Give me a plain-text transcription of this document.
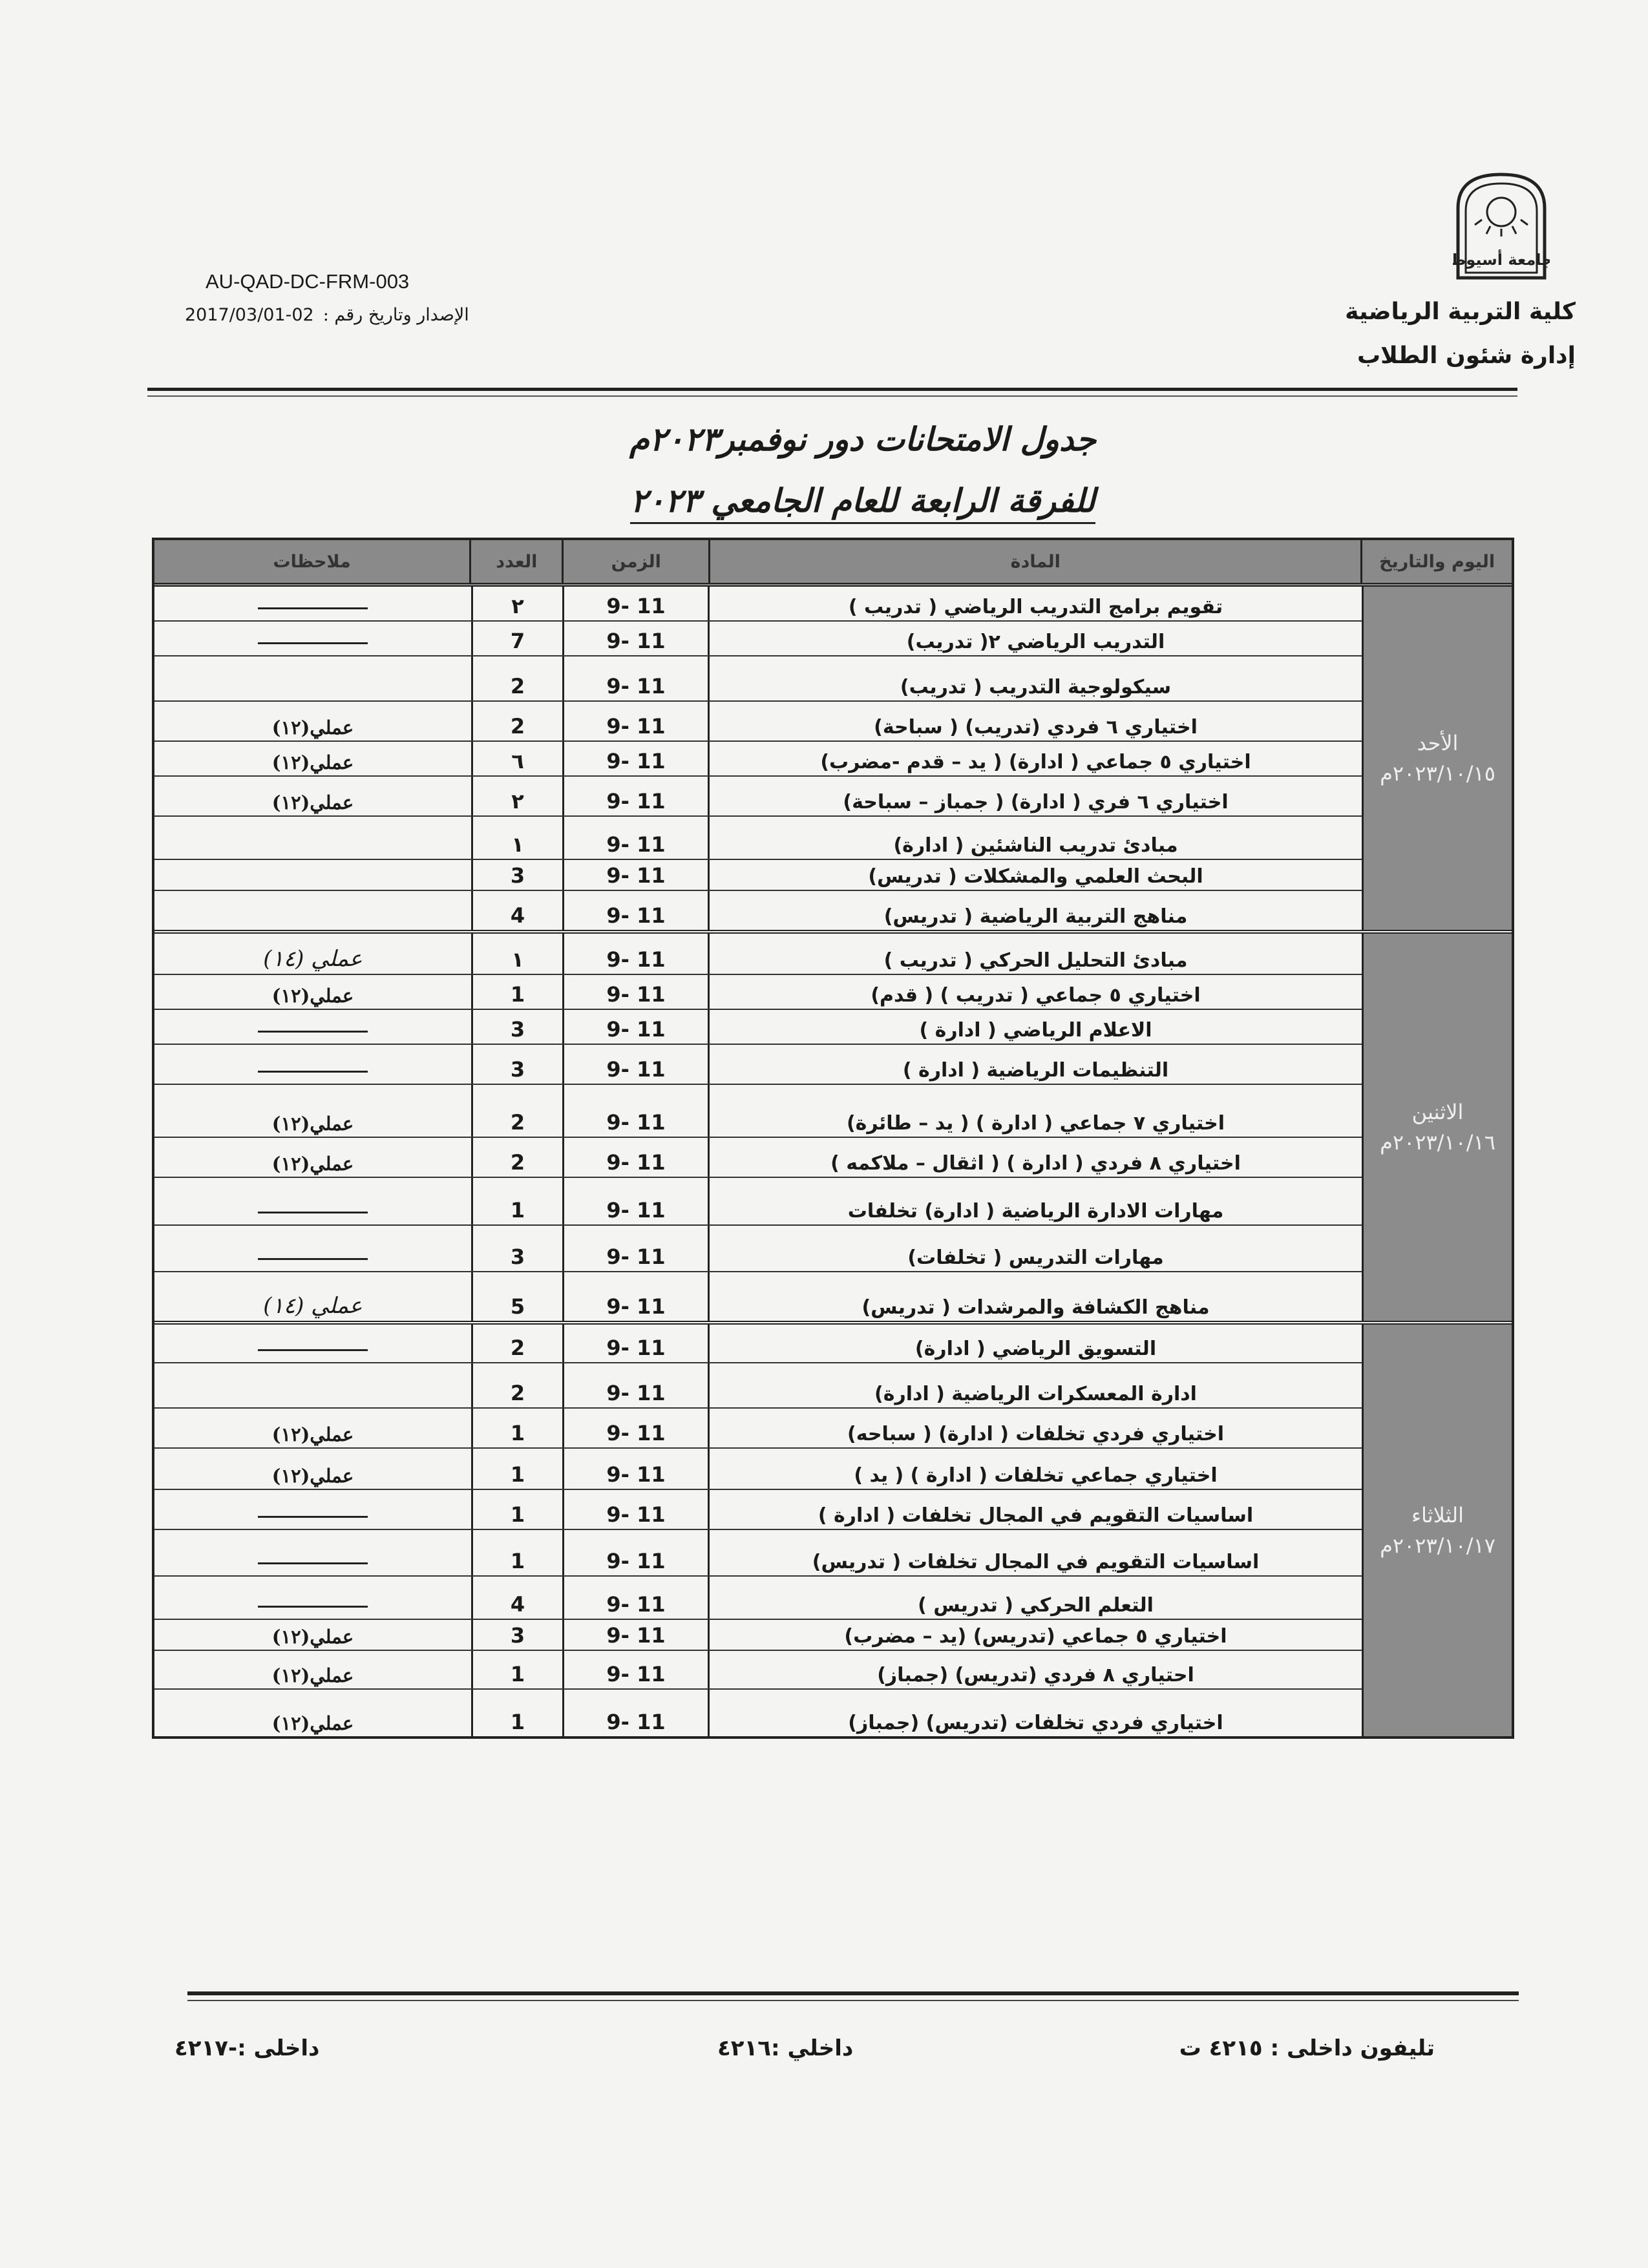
جامعة أسيوط
كلية التربية الرياضية
إدارة شئون الطلاب
AU-QAD-DC-FRM-003
2017/03/01-02 الإصدار وتاريخ رقم :
جدول الامتحانات دور نوفمبر٢٠٢٣م
للفرقة الرابعة للعام الجامعي ٢٠٢٣
اليوم والتاريخ
المادة
الزمن
العدد
ملاحظات
الأحد
٢٠٢٣/١٠/١٥م
تقويم برامج التدريب الرياضي ( تدريب )
9- 11
٢
التدريب الرياضي ٢( تدريب)
9- 11
7
سيكولوجية التدريب ( تدريب)
9- 11
2
اختياري ٦ فردي (تدريب) ( سباحة)
9- 11
2
عملي(١٢)
اختياري ٥ جماعي ( ادارة) ( يد – قدم -مضرب)
9- 11
٦
عملي(١٢)
اختياري ٦ فري ( ادارة) ( جمباز – سباحة)
9- 11
٢
عملي(١٢)
مبادئ تدريب الناشئين ( ادارة)
9- 11
١
البحث العلمي والمشكلات ( تدريس)
9- 11
3
مناهج التربية الرياضية ( تدريس)
9- 11
4
الاثنين
٢٠٢٣/١٠/١٦م
مبادئ التحليل الحركي ( تدريب )
9- 11
١
عملي (١٤)
اختياري ٥ جماعي ( تدريب ) ( قدم)
9- 11
1
عملي(١٢)
الاعلام الرياضي ( ادارة )
9- 11
3
التنظيمات الرياضية ( ادارة )
9- 11
3
اختياري ٧ جماعي ( ادارة ) ( يد – طائرة)
9- 11
2
عملي(١٢)
اختياري ٨ فردي ( ادارة ) ( اثقال – ملاكمه )
9- 11
2
عملي(١٢)
مهارات الادارة الرياضية ( ادارة) تخلفات
9- 11
1
مهارات التدريس ( تخلفات)
9- 11
3
مناهج الكشافة والمرشدات ( تدريس)
9- 11
5
عملي (١٤)
الثلاثاء
٢٠٢٣/١٠/١٧م
التسويق الرياضي ( ادارة)
9- 11
2
ادارة المعسكرات الرياضية ( ادارة)
9- 11
2
اختياري فردي تخلفات ( ادارة) ( سباحه)
9- 11
1
عملي(١٢)
اختياري جماعي تخلفات ( ادارة ) ( يد )
9- 11
1
عملي(١٢)
اساسيات التقويم في المجال تخلفات ( ادارة )
9- 11
1
اساسيات التقويم في المجال تخلفات ( تدريس)
9- 11
1
التعلم الحركي ( تدريس )
9- 11
4
اختياري ٥ جماعي (تدريس) (يد – مضرب)
9- 11
3
عملي(١٢)
احتياري ٨ فردي (تدريس) (جمباز)
9- 11
1
عملي(١٢)
اختياري فردي تخلفات (تدريس) (جمباز)
9- 11
1
عملي(١٢)
تليفون داخلى : ٤٢١٥ ت
داخلي :٤٢١٦
داخلى :-٤٢١٧
